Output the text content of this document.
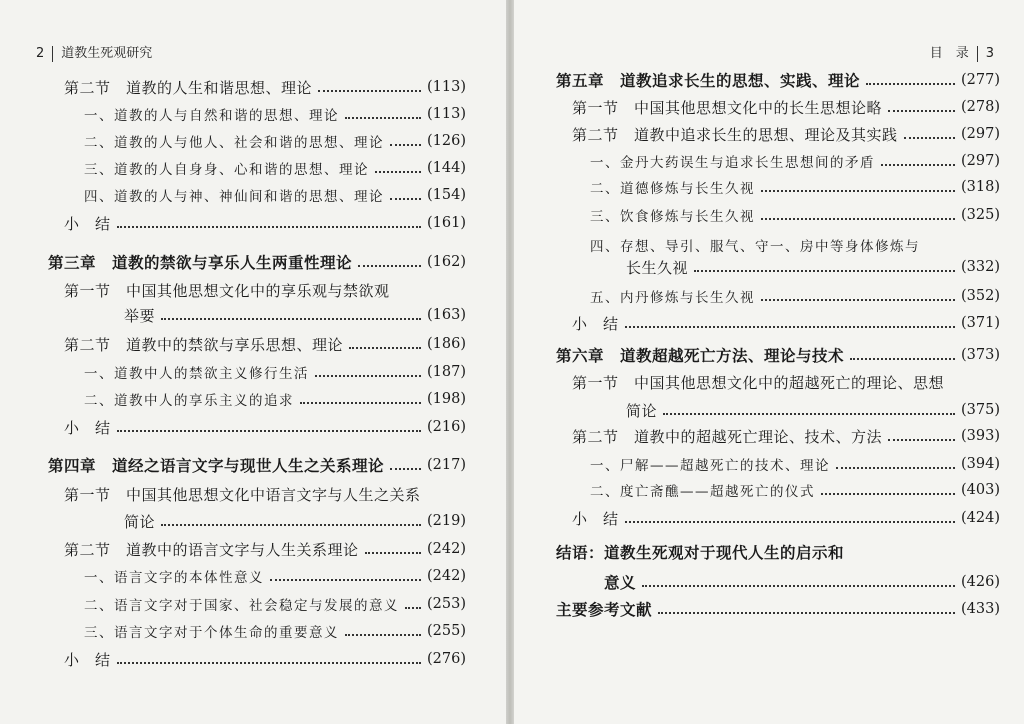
2 道教生死观研究
第二节　道教的人生和谐思想、理论	(113)
一、道教的人与自然和谐的思想、理论	(113)
二、道教的人与他人、社会和谐的思想、理论	(126)
三、道教的人自身身、心和谐的思想、理论	(144)
四、道教的人与神、神仙间和谐的思想、理论	(154)
小　结	(161)
第三章　道教的禁欲与享乐人生两重性理论	(162)
第一节　中国其他思想文化中的享乐观与禁欲观
举要	(163)
第二节　道教中的禁欲与享乐思想、理论	(186)
一、道教中人的禁欲主义修行生活	(187)
二、道教中人的享乐主义的追求	(198)
小　结	(216)
第四章　道经之语言文字与现世人生之关系理论	(217)
第一节　中国其他思想文化中语言文字与人生之关系
简论	(219)
第二节　道教中的语言文字与人生关系理论	(242)
一、语言文字的本体性意义	(242)
二、语言文字对于国家、社会稳定与发展的意义 (253)
三、语言文字对于个体生命的重要意义	(255)
小　结	(276)
目　录 3
第五章　道教追求长生的思想、实践、理论	(277)
第一节　中国其他思想文化中的长生思想论略	(278)
第二节　道教中追求长生的思想、理论及其实践	(297)
一、金丹大药误生与追求长生思想间的矛盾	(297)
二、道德修炼与长生久视	(318)
三、饮食修炼与长生久视	(325)
四、存想、导引、服气、守一、房中等身体修炼与
长生久视	(332)
五、内丹修炼与长生久视	(352)
小　结	(371)
第六章　道教超越死亡方法、理论与技术	(373)
第一节　中国其他思想文化中的超越死亡的理论、思想
简论	(375)
第二节　道教中的超越死亡理论、技术、方法	(393)
一、尸解——超越死亡的技术、理论	(394)
二、度亡斋醮——超越死亡的仪式	(403)
小　结	(424)
结语：道教生死观对于现代人生的启示和
意义	(426)
主要参考文献	(433)
